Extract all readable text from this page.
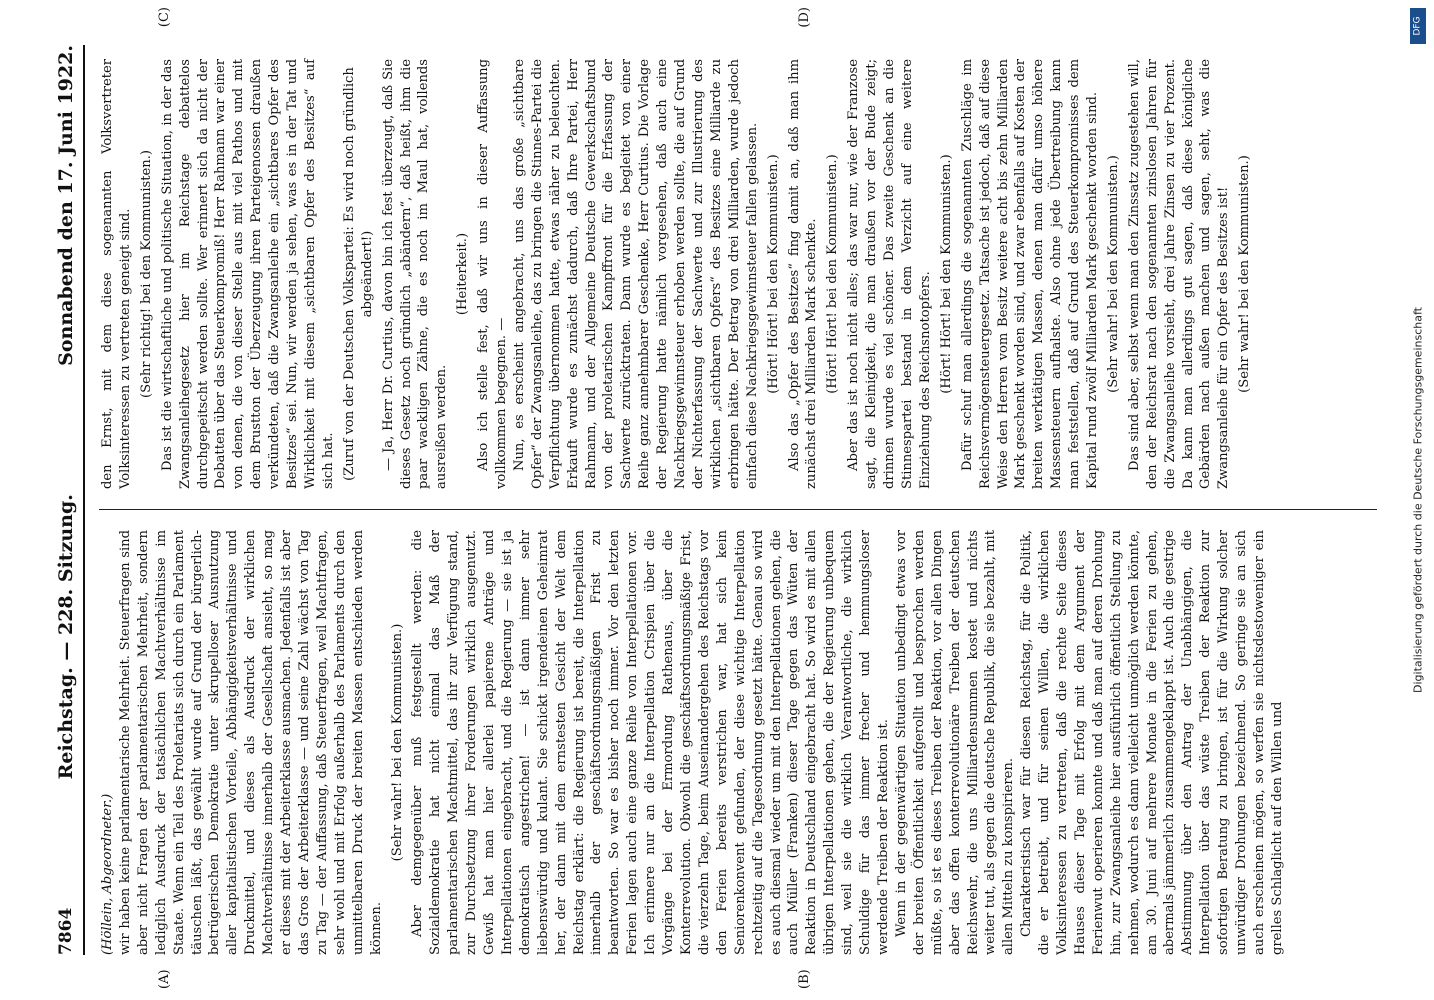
7864
Reichstag. — 228. Sitzung.
Sonnabend den 17. Juni 1922.
(A)	(B)
(C)	(D)

(Höllein, Abgeordneter.) wir haben keine parlamentarische Mehrheit. Steuerfragen sind aber nicht Fragen der parlamentarischen Mehrheit, sondern lediglich Ausdruck der tatsächlichen Machtverhältnisse im Staate. Wenn ein Teil des Proletariats sich durch ein Parlament täuschen läßt, das gewählt wurde auf Grund der bürgerlich-betrügerischen Demokratie unter skrupelloser Ausnutzung aller kapitalistischen Vorteile, Abhängigkeitsverhältnisse und Druckmittel, und dieses als Ausdruck der wirklichen Machtverhältnisse innerhalb der Gesellschaft ansieht, so mag er dieses mit der Arbeiterklasse ausmachen. Jedenfalls ist aber das Gros der Arbeiterklasse — und seine Zahl wächst von Tag zu Tag — der Auffassung, daß Steuerfragen, weil Machtfragen, sehr wohl und mit Erfolg außerhalb des Parlaments durch den unmittelbaren Druck der breiten Massen entschieden werden können.

(Sehr wahr! bei den Kommunisten.) Aber demgegenüber muß festgestellt werden: die Sozialdemokratie hat nicht einmal das Maß der parlamentarischen Machtmittel, das ihr zur Verfügung stand, zur Durchsetzung ihrer Forderungen wirklich ausgenutzt. Gewiß hat man hier allerlei papierene Anträge und Interpellationen eingebracht, und die Regierung — sie ist ja demokratisch angestrichen! — ist dann immer sehr liebenswürdig und kulant. Sie schickt irgendeinen Geheimrat her, der dann mit dem ernstesten Gesicht der Welt dem Reichstag erklärt: die Regierung ist bereit, die Interpellation innerhalb der geschäftsordnungsmäßigen Frist zu beantworten. So war es bisher noch immer. Vor den letzten Ferien lagen auch eine ganze Reihe von Interpellationen vor. Ich erinnere nur an die Interpellation Crispien über die Vorgänge bei der Ermordung Rathenaus, über die Konterrevolution. Obwohl die geschäftsordnungsmäßige Frist, die vierzehn Tage, beim Auseinandergehen des Reichstags vor den Ferien bereits verstrichen war, hat sich kein Seniorenkonvent gefunden, der diese wichtige Interpellation rechtzeitig auf die Tagesordnung gesetzt hätte. Genau so wird es auch diesmal wieder um mit den Interpellationen gehen, die auch Müller (Franken) dieser Tage gegen das Wüten der Reaktion in Deutschland eingebracht hat. So wird es mit allen übrigen Interpellationen gehen, die der Regierung unbequem sind, weil sie die wirklich Verantwortliche, die wirklich Schuldige für das immer frecher und hemmungsloser werdende Treiben der Reaktion ist. Wenn in der gegenwärtigen Situation unbedingt etwas vor der breiten Öffentlichkeit aufgerollt und besprochen werden müßte, so ist es dieses Treiben der Reaktion, vor allen Dingen aber das offen konterrevolutionäre Treiben der deutschen Reichswehr, die uns Milliardensummen kostet und nichts weiter tut, als gegen die deutsche Republik, die sie bezahlt, mit allen Mitteln zu konspirieren. Charakteristisch war für diesen Reichstag, für die Politik, die er betreibt, und für seinen Willen, die wirklichen Volksinteressen zu vertreten, daß die rechte Seite dieses Hauses dieser Tage mit Erfolg mit dem Argument der Ferienwut operieren konnte und daß man auf deren Drohung hin, zur Zwangsanleihe hier ausführlich öffentlich Stellung zu nehmen, wodurch es dann vielleicht unmöglich werden könnte, am 30. Juni auf mehrere Monate in die Ferien zu gehen, abermals jämmerlich zusammengeklappt ist. Auch die gestrige Abstimmung über den Antrag der Unabhängigen, die Interpellation über das wüste Treiben der Reaktion zur sofortigen Beratung zu bringen, ist für die Wirkung solcher unwürdiger Drohungen bezeichnend. So geringe sie an sich auch erscheinen mögen, so werfen sie nichtsdestoweniger ein grelles Schlaglicht auf den Willen und

den Ernst, mit dem diese sogenannten Volksvertreter Volksinteressen zu vertreten geneigt sind. (Sehr richtig! bei den Kommunisten.) Das ist die wirtschaftliche und politische Situation, in der das Zwangsanleihegesetz hier im Reichstage debattelos durchgepeitscht werden sollte. Wer erinnert sich da nicht der Debatten über das Steuerkompromiß! Herr Rahmann war einer von denen, die von dieser Stelle aus mit viel Pathos und mit dem Brustton der Überzeugung ihren Parteigenossen draußen verkündeten, daß die Zwangsanleihe ein „sichtbares Opfer des Besitzes“ sei. Nun, wir werden ja sehen, was es in der Tat und Wirklichkeit mit diesem „sichtbaren Opfer des Besitzes“ auf sich hat. (Zuruf von der Deutschen Volkspartei: Es wird noch gründlich abgeändert!) — Ja, Herr Dr. Curtius, davon bin ich fest überzeugt, daß Sie dieses Gesetz noch gründlich „abändern“, daß heißt, ihm die paar wackligen Zähne, die es noch im Maul hat, vollends ausreißen werden.

(Heiterkeit.) Also ich stelle fest, daß wir uns in dieser Auffassung vollkommen begegnen. — Nun, es erscheint angebracht, uns das große „sichtbare Opfer“ der Zwangsanleihe, das zu bringen die Stinnes-Partei die Verpflichtung übernommen hatte, etwas näher zu beleuchten. Erkauft wurde es zunächst dadurch, daß Ihre Partei, Herr Rahmann, und der Allgemeine Deutsche Gewerkschaftsbund von der proletarischen Kampffront für die Erfassung der Sachwerte zurücktraten. Dann wurde es begleitet von einer Reihe ganz annehmbarer Geschenke, Herr Curtius. Die Vorlage der Regierung hatte nämlich vorgesehen, daß auch eine Nachkriegsgewinnsteuer erhoben werden sollte, die auf Grund der Nichterfassung der Sachwerte und zur Illustrierung des wirklichen „sichtbaren Opfers“ des Besitzes eine Milliarde zu erbringen hätte. Der Betrag von drei Milliarden, wurde jedoch einfach diese Nachkriegsgewinnsteuer fallen gelassen. (Hört! Hört! bei den Kommunisten.) Also das „Opfer des Besitzes“ fing damit an, daß man ihm zunächst drei Milliarden Mark schenkte. (Hört! Hört! bei den Kommunisten.) Aber das ist noch nicht alles; das war nur, wie der Franzose sagt, die Kleinigkeit, die man draußen vor der Bude zeigt; drinnen wurde es viel schöner. Das zweite Geschenk an die Stinnespartei bestand in dem Verzicht auf eine weitere Einziehung des Reichsnotopfers. (Hört! Hört! bei den Kommunisten.) Dafür schuf man allerdings die sogenannten Zuschläge im Reichsvermögensteuergesetz. Tatsache ist jedoch, daß auf diese Weise den Herren vom Besitz weitere acht bis zehn Milliarden Mark geschenkt worden sind, und zwar ebenfalls auf Kosten der breiten werktätigen Massen, denen man dafür umso höhere Massensteuern aufhalste. Also ohne jede Übertreibung kann man feststellen, daß auf Grund des Steuerkompromisses dem Kapital rund zwölf Milliarden Mark geschenkt worden sind. (Sehr wahr! bei den Kommunisten.) Das sind aber, selbst wenn man den Zinssatz zugestehen will, den der Reichsrat nach den sogenannten zinslosen Jahren für die Zwangsanleihe vorsieht, drei Jahre Zinsen zu vier Prozent. Da kann man allerdings gut sagen, daß diese königliche Gebärden nach außen machen und sagen, seht, was die Zwangsanleihe für ein Opfer des Besitzes ist! (Sehr wahr! bei den Kommunisten.)

DFG
Digitalisierung gefördert durch die Deutsche Forschungsgemeinschaft
